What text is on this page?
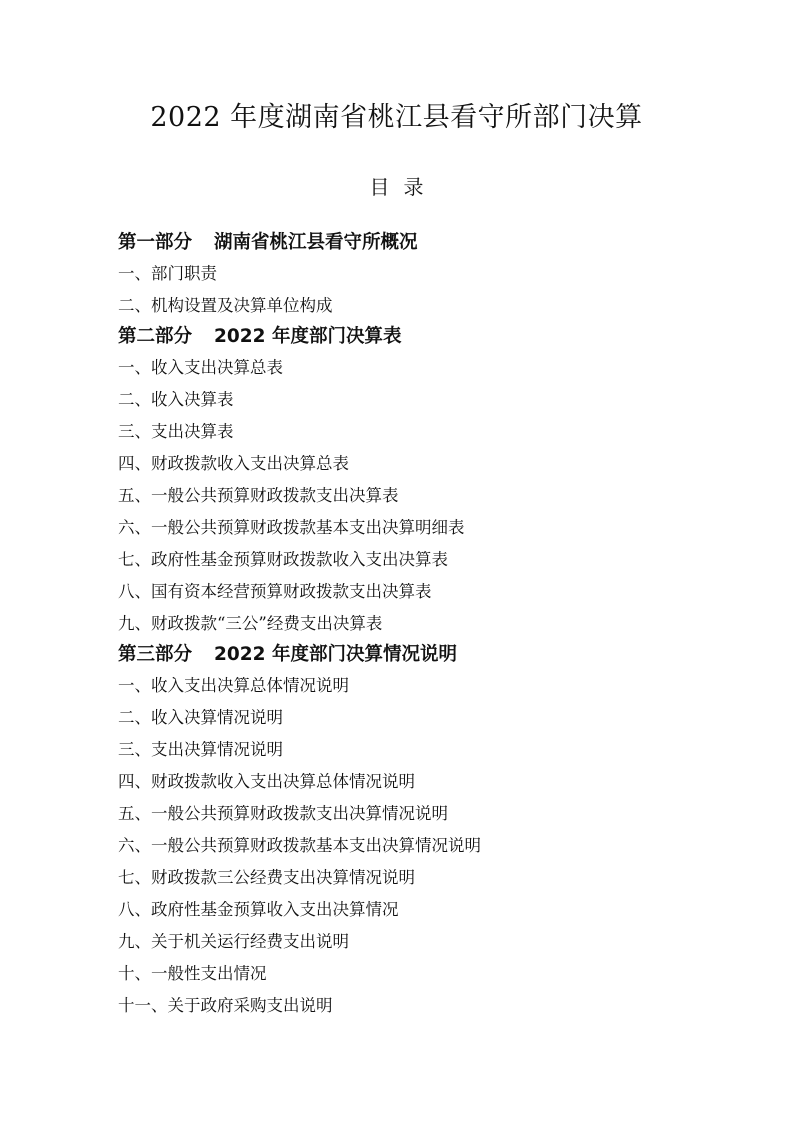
2022 年度湖南省桃江县看守所部门决算
目录
第一部分 湖南省桃江县看守所概况
一、部门职责
二、机构设置及决算单位构成
第二部分 2022 年度部门决算表
一、收入支出决算总表
二、收入决算表
三、支出决算表
四、财政拨款收入支出决算总表
五、一般公共预算财政拨款支出决算表
六、一般公共预算财政拨款基本支出决算明细表
七、政府性基金预算财政拨款收入支出决算表
八、国有资本经营预算财政拨款支出决算表
九、财政拨款“三公”经费支出决算表
第三部分 2022 年度部门决算情况说明
一、收入支出决算总体情况说明
二、收入决算情况说明
三、支出决算情况说明
四、财政拨款收入支出决算总体情况说明
五、一般公共预算财政拨款支出决算情况说明
六、一般公共预算财政拨款基本支出决算情况说明
七、财政拨款三公经费支出决算情况说明
八、政府性基金预算收入支出决算情况
九、关于机关运行经费支出说明
十、一般性支出情况
十一、关于政府采购支出说明
